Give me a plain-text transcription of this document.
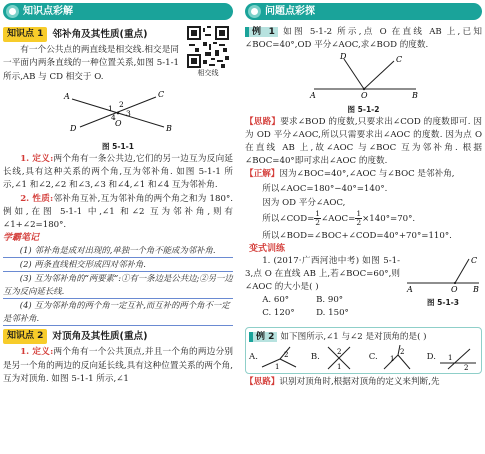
知识点彩解
知识点 1 邻补角及其性质(重点)
相交线

有一个公共点的两直线是相交线.相交是同一平面内两条直线的一种位置关系,如图 5-1-1 所示,AB 与 CD 相交于 O.

A
B
C
D
O
1 2
3
4
图 5-1-1

1. 定义:两个角有一条公共边,它们的另一边互为反向延长线,具有这种关系的两个角,互为邻补角. 如图 5-1-1 所示,∠1 和∠2,∠2 和∠3,∠3 和∠4,∠1 和∠4 互为邻补角.

2. 性质:邻补角互补,互为邻补角的两个角之和为 180°. 例如,在图 5-1-1 中,∠1 和∠2 互为邻补角,则有∠1+∠2=180°.

学霸笔记
(1) 邻补角是成对出现的,单独一个角不能成为邻补角.
(2) 两条直线相交形成四对邻补角.
(3) 互为邻补角的“两要素”:①有一条边是公共边;②另一边互为反向延长线.
(4) 互为邻补角的两个角一定互补,而互补的两个角不一定是邻补角.
知识点 2 对顶角及其性质(重点)

1. 定义:两个角有一个公共顶点,并且一个角的两边分别是另一个角的两边的反向延长线,具有这种位置关系的两个角,互为对顶角. 如图 5-1-1 所示,∠1

问题点彩探

例 1 如图 5-1-2 所示,点 O 在直线 AB 上,已知∠BOC=40°,OD 平分∠AOC,求∠BOD 的度数.

D	C
A	O	B
图 5-1-2

【思路】要求∠BOD 的度数,只要求出∠COD 的度数即可. 因为 OD 平分∠AOC,所以只需要求出∠AOC 的度数. 因为点 O 在直线 AB 上,故∠AOC 与∠BOC 互为邻补角. 根据∠BOC=40°即可求出∠AOC 的度数.

【正解】因为∠BOC=40°,∠AOC 与∠BOC 是邻补角,

所以∠AOC=180°−40°=140°.
因为 OD 平分∠AOC,
所以∠COD= $\frac{1}{2}$ ∠AOC= $\frac{1}{2} \times 140^\circ=70^\circ$.
所以∠BOD=∠BOC+∠COD=40°+70°=110°.
变式训练
C
A	O B
图 5-1-3

1. (2017·广西河池中考) 如图 5-1-3,点 O 在直线 AB 上,若∠BOC=60°,则∠AOC 的大小是( )

A. 60°	B. 90°
C. 120°	D. 150°

例 2 如下图所示,∠1 与∠2 是对顶角的是( )

A.
1
2	B.
2
1
C. 1
2
D. 1
2

【思路】识别对顶角时,根据对顶角的定义来判断,先
